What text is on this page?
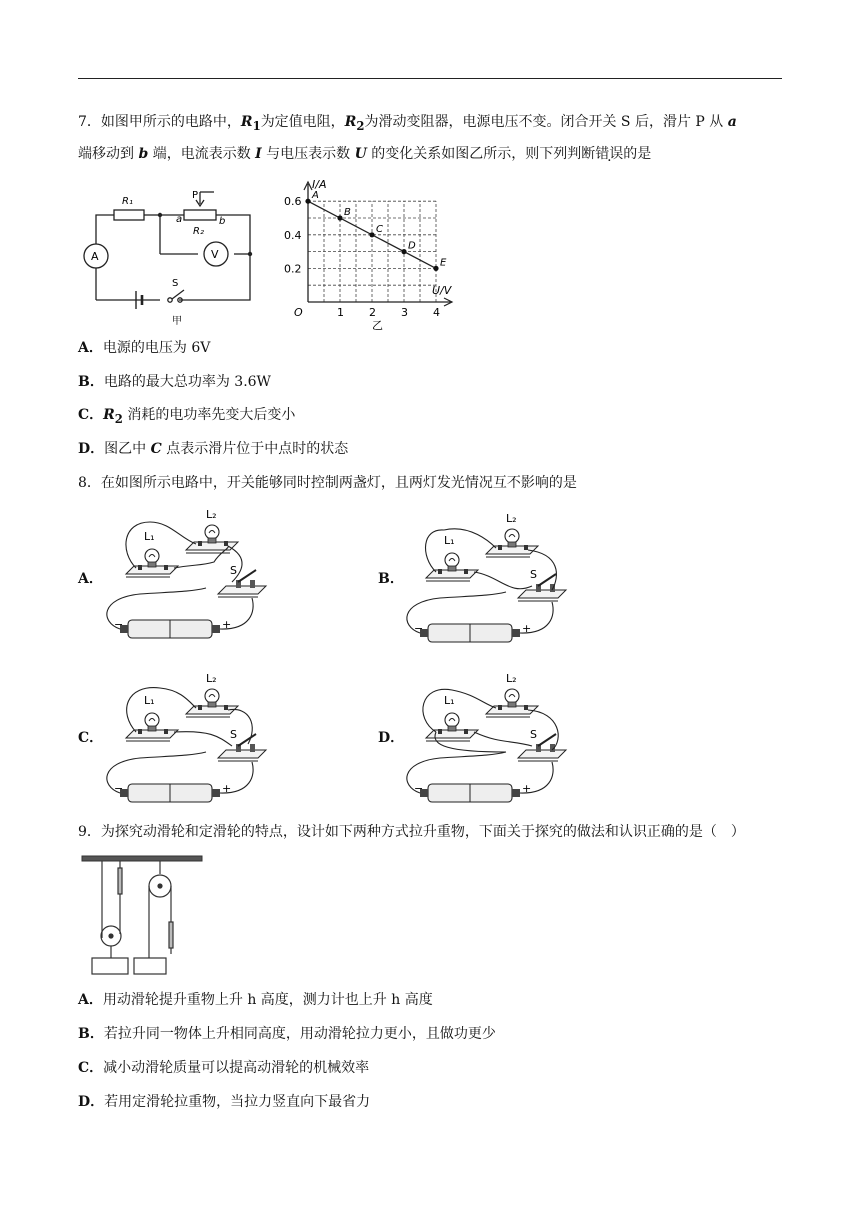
7．如图甲所示的电路中，$R_1$为定值电阻，$R_2$为滑动变阻器，电源电压不变。闭合开关 S 后，滑片 P 从 a
端移动到 b 端，电流表示数 I 与电压表示数 U 的变化关系如图乙所示，则下列判断错误的是
R₁
R₂
P
a	b
A	V
S
甲
A
B
C
D
E
I/A
U/V
O
乙
1 2 3 4
0.6
0.4
0.2
A．电源的电压为 6V
B．电路的最大总功率为 3.6W
C．$R_2$ 消耗的电功率先变大后变小
D．图乙中 C 点表示滑片位于中点时的状态
8．在如图所示电路中，开关能够同时控制两盏灯，且两灯发光情况互不影响的是
A．	B．
C．	D．
L₁
L₂
S
−	+
L₁
L₂
S
−	+
L₁
L₂
S
−	+
L₁
L₂
S
−	+
9．为探究动滑轮和定滑轮的特点，设计如下两种方式拉升重物，下面关于探究的做法和认识正确的是（　）
A．用动滑轮提升重物上升 h 高度，测力计也上升 h 高度
B．若拉升同一物体上升相同高度，用动滑轮拉力更小，且做功更少
C．减小动滑轮质量可以提高动滑轮的机械效率
D．若用定滑轮拉重物，当拉力竖直向下最省力
